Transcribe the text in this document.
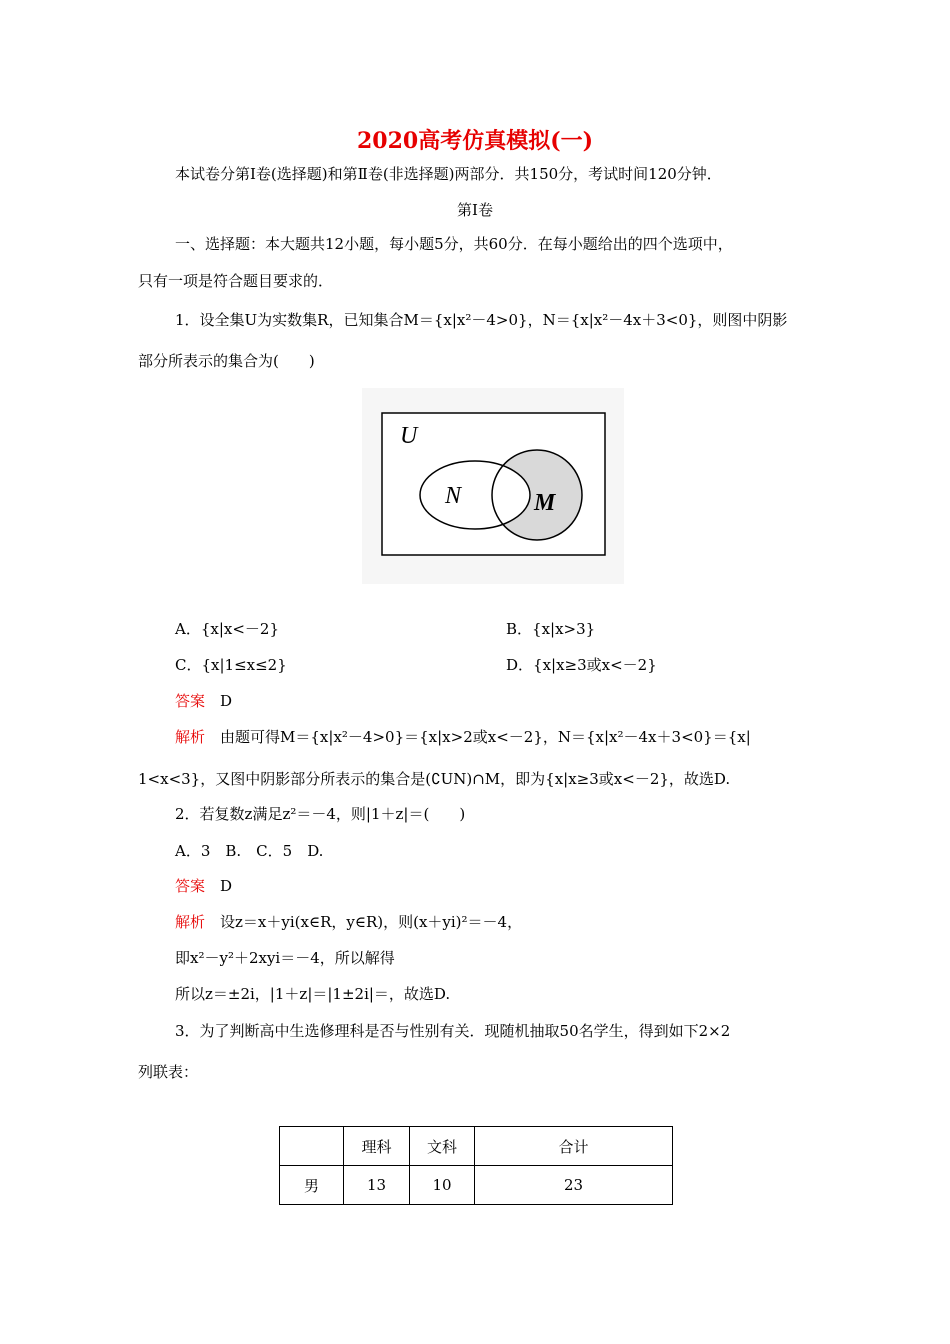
2020高考仿真模拟(一)
本试卷分第Ⅰ卷(选择题)和第Ⅱ卷(非选择题)两部分．共150分，考试时间120分钟．
第Ⅰ卷
一、选择题：本大题共12小题，每小题5分，共60分．在每小题给出的四个选项中，
只有一项是符合题目要求的．
1．设全集U为实数集R，已知集合M＝{x|x²－4>0}，N＝{x|x²－4x＋3<0}，则图中阴影
部分所表示的集合为(　　)
U
N	M
A．{x|x<－2}	B．{x|x>3}
C．{x|1≤x≤2}	D．{x|x≥3或x<－2}
答案　 D
解析　 由题可得M＝{x|x²－4>0}＝{x|x>2或x<－2}，N＝{x|x²－4x＋3<0}＝{x|
1<x<3}，又图中阴影部分所表示的集合是(∁UN)∩M，即为{x|x≥3或x<－2}，故选D.
2．若复数z满足z²＝－4，则|1＋z|＝(　　)
A．3　B.　C．5　D.
答案　 D
解析　 设z＝x＋yi(x∈R，y∈R)，则(x＋yi)²＝－4，
即x²－y²＋2xyi＝－4，所以解得
所以z＝±2i，|1＋z|＝|1±2i|＝，故选D.
3．为了判断高中生选修理科是否与性别有关．现随机抽取50名学生，得到如下2×2
列联表：
	理科	文科	合计
男	13	10	23
